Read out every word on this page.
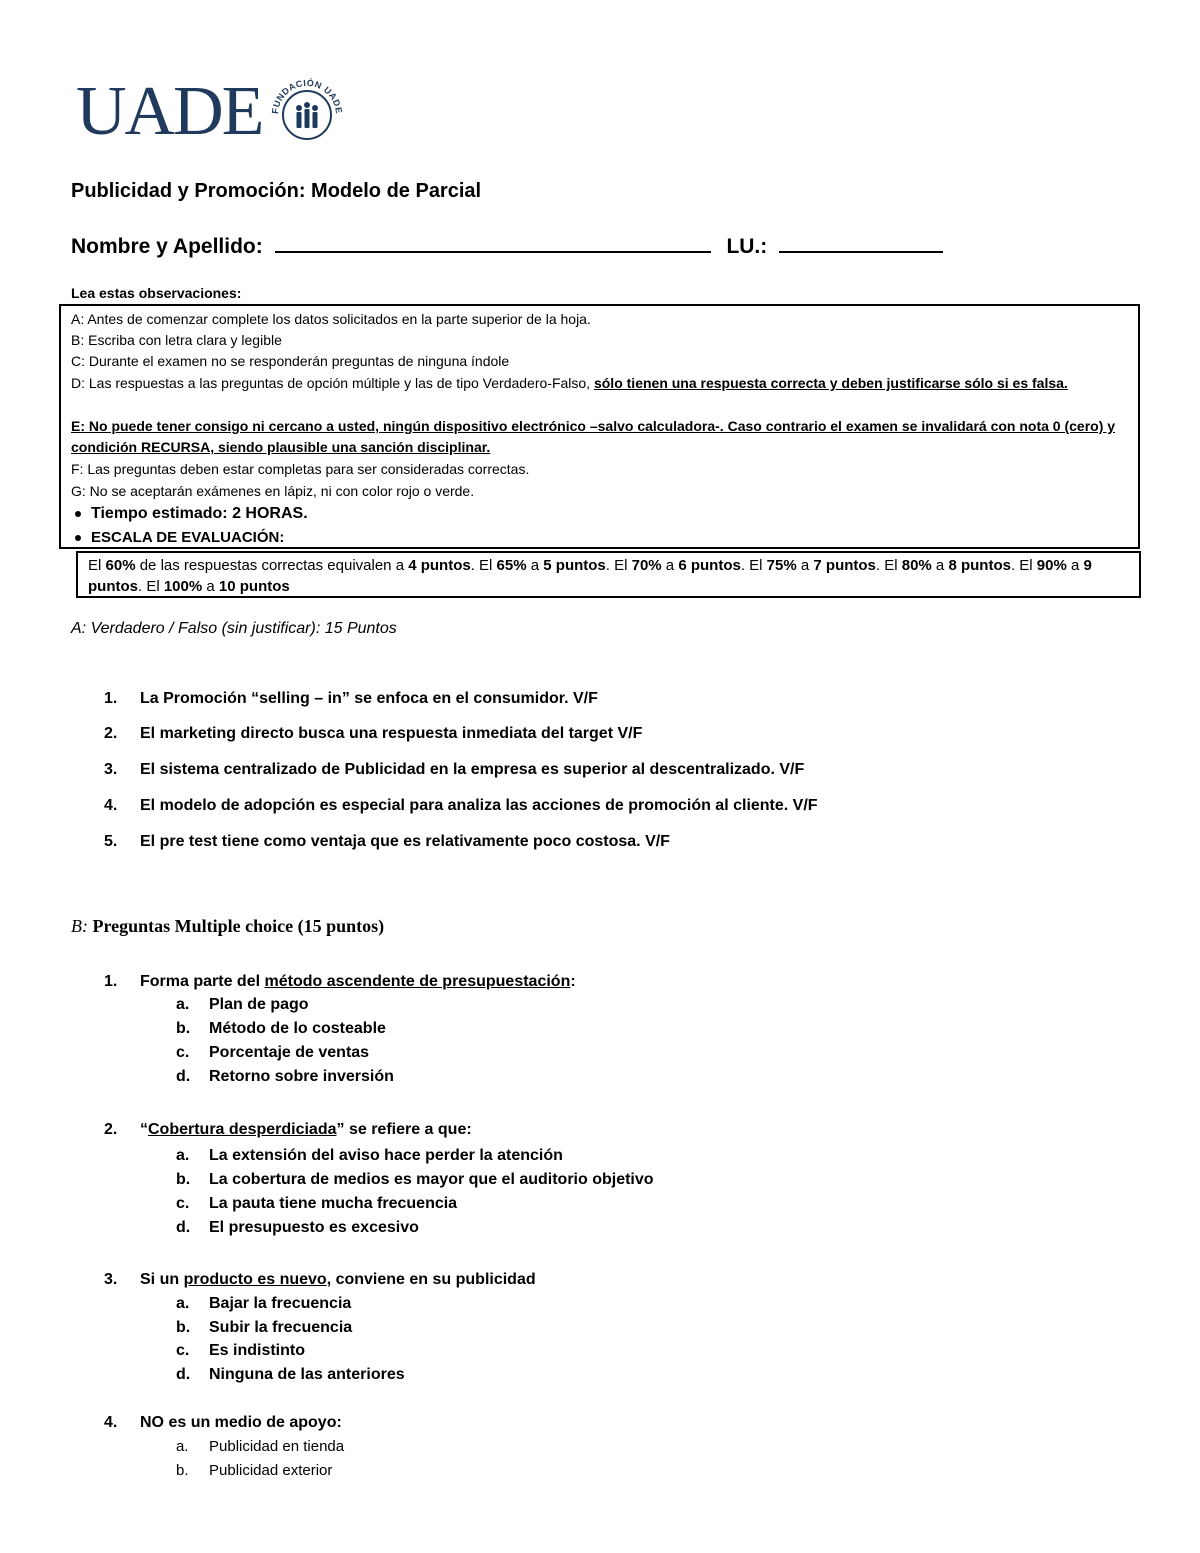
UADE FUNDACIÓN UADE
Publicidad y Promoción: Modelo de Parcial
Nombre y Apellido:	LU.:
Lea estas observaciones:
A: Antes de comenzar complete los datos solicitados en la parte superior de la hoja.
B: Escriba con letra clara y legible
C: Durante el examen no se responderán preguntas de ninguna índole
D: Las respuestas a las preguntas de opción múltiple y las de tipo Verdadero-Falso, sólo tienen una respuesta correcta y deben justificarse sólo si es falsa.
E: No puede tener consigo ni cercano a usted, ningún dispositivo electrónico –salvo calculadora-. Caso contrario el examen se invalidará con nota 0 (cero) y condición RECURSA, siendo plausible una sanción disciplinar.
F: Las preguntas deben estar completas para ser consideradas correctas.
G: No se aceptarán exámenes en lápiz, ni con color rojo o verde.
Tiempo estimado: 2 HORAS.
ESCALA DE EVALUACIÓN:
El 60% de las respuestas correctas equivalen a 4 puntos. El 65% a 5 puntos. El 70% a 6 puntos. El 75% a 7 puntos. El 80% a 8 puntos. El 90% a 9 puntos. El 100% a 10 puntos
A: Verdadero / Falso (sin justificar): 15 Puntos
1. La Promoción “selling – in” se enfoca en el consumidor. V/F
2. El marketing directo busca una respuesta inmediata del target V/F
3. El sistema centralizado de Publicidad en la empresa es superior al descentralizado. V/F
4. El modelo de adopción es especial para analiza las acciones de promoción al cliente. V/F
5. El pre test tiene como ventaja que es relativamente poco costosa. V/F
B: Preguntas Multiple choice (15 puntos)
1. Forma parte del método ascendente de presupuestación:
a. Plan de pago
b. Método de lo costeable
c. Porcentaje de ventas
d. Retorno sobre inversión
2. “Cobertura desperdiciada” se refiere a que:
a. La extensión del aviso hace perder la atención
b. La cobertura de medios es mayor que el auditorio objetivo
c. La pauta tiene mucha frecuencia
d. El presupuesto es excesivo
3. Si un producto es nuevo, conviene en su publicidad
a. Bajar la frecuencia
b. Subir la frecuencia
c. Es indistinto
d. Ninguna de las anteriores
4. NO es un medio de apoyo:
a. Publicidad en tienda
b. Publicidad exterior
